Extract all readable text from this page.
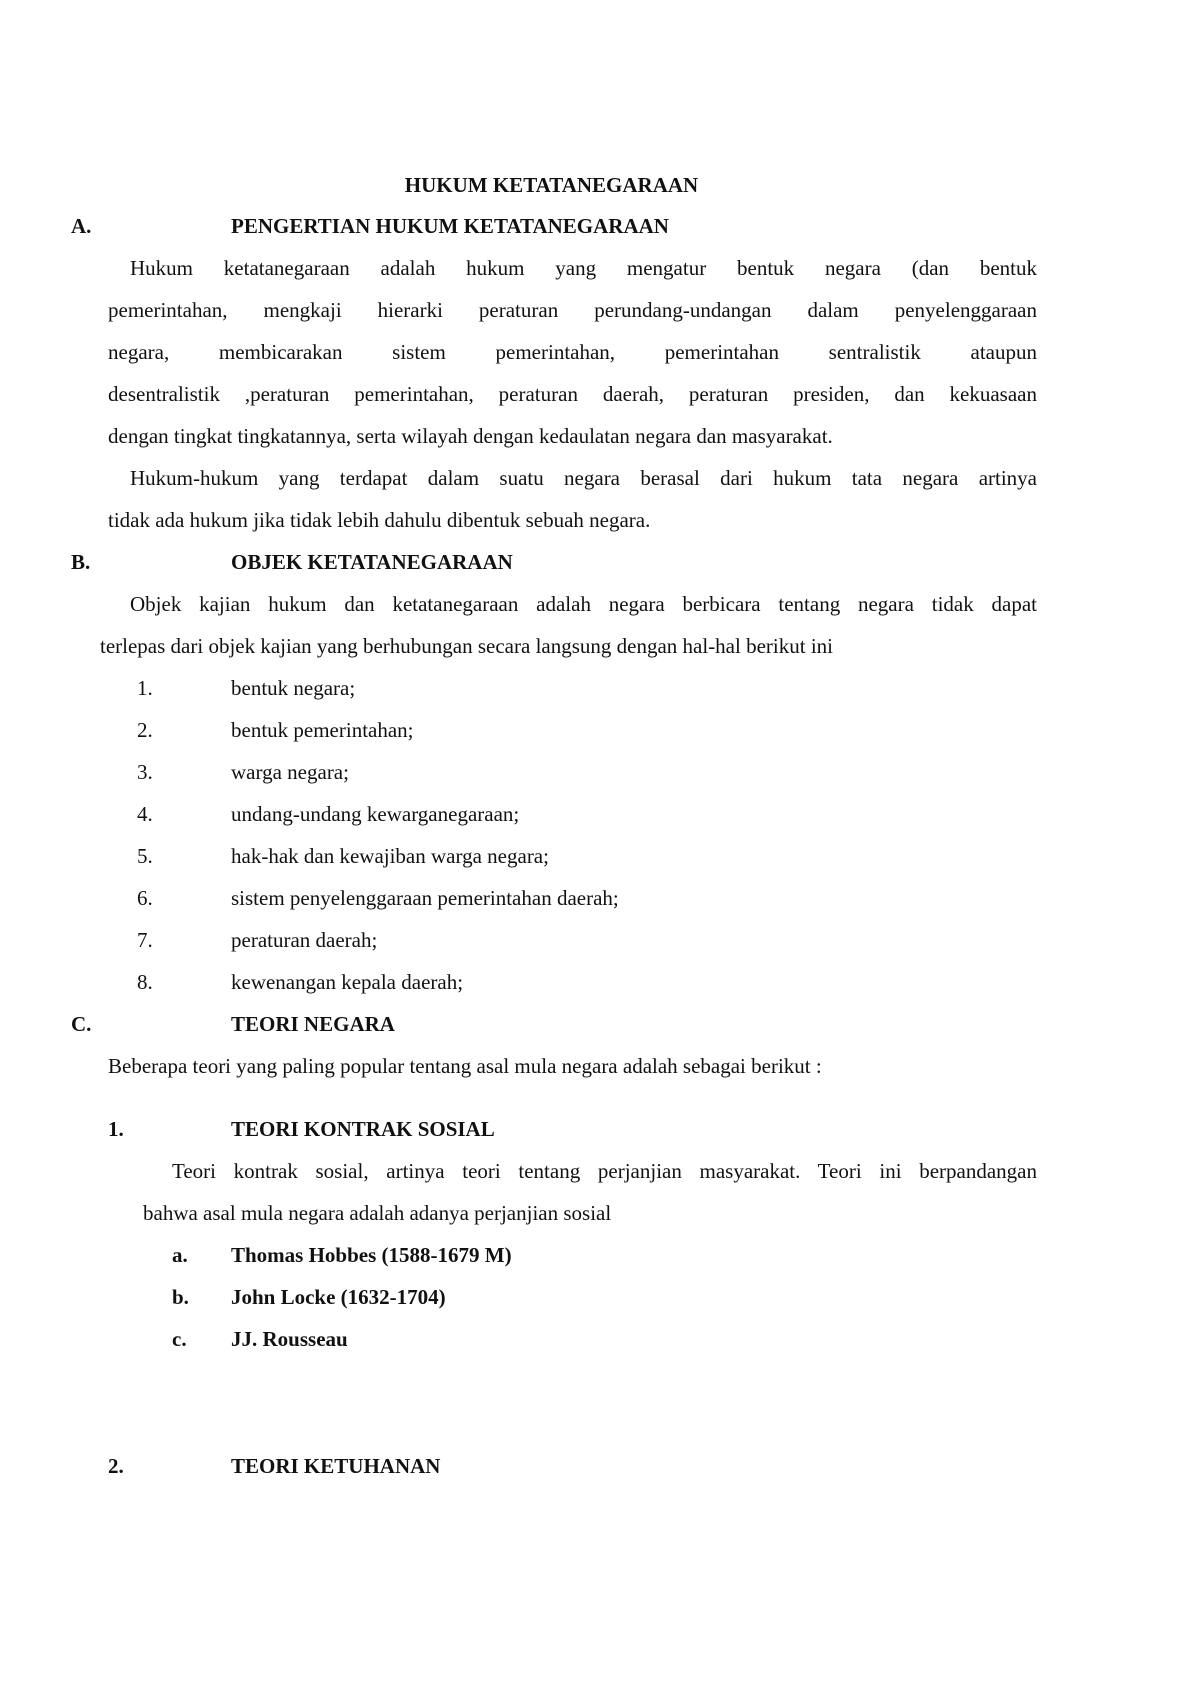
HUKUM KETATANEGARAAN
A.	PENGERTIAN HUKUM KETATANEGARAAN
Hukum ketatanegaraan adalah hukum yang mengatur bentuk negara (dan bentuk
pemerintahan, mengkaji hierarki peraturan perundang-undangan dalam penyelenggaraan
negara, membicarakan sistem pemerintahan, pemerintahan sentralistik ataupun
desentralistik ,peraturan pemerintahan, peraturan daerah, peraturan presiden, dan kekuasaan
dengan tingkat tingkatannya, serta wilayah dengan kedaulatan negara dan masyarakat.
Hukum-hukum yang terdapat dalam suatu negara berasal dari hukum tata negara artinya
tidak ada hukum jika tidak lebih dahulu dibentuk sebuah negara.
B.	OBJEK KETATANEGARAAN
Objek kajian hukum dan ketatanegaraan adalah negara berbicara tentang negara tidak dapat
terlepas dari objek kajian yang berhubungan secara langsung dengan hal-hal berikut ini
1.	bentuk negara;
2.	bentuk pemerintahan;
3.	warga negara;
4.	undang-undang kewarganegaraan;
5.	hak-hak dan kewajiban warga negara;
6.	sistem penyelenggaraan pemerintahan daerah;
7.	peraturan daerah;
8.	kewenangan kepala daerah;
C.	TEORI NEGARA
Beberapa teori yang paling popular tentang asal mula negara adalah sebagai berikut :
1.	TEORI KONTRAK SOSIAL
Teori kontrak sosial, artinya teori tentang perjanjian masyarakat. Teori ini berpandangan
bahwa asal mula negara adalah adanya perjanjian sosial
a. Thomas Hobbes (1588-1679 M)
b. John Locke (1632-1704)
c. JJ. Rousseau
2.	TEORI KETUHANAN
